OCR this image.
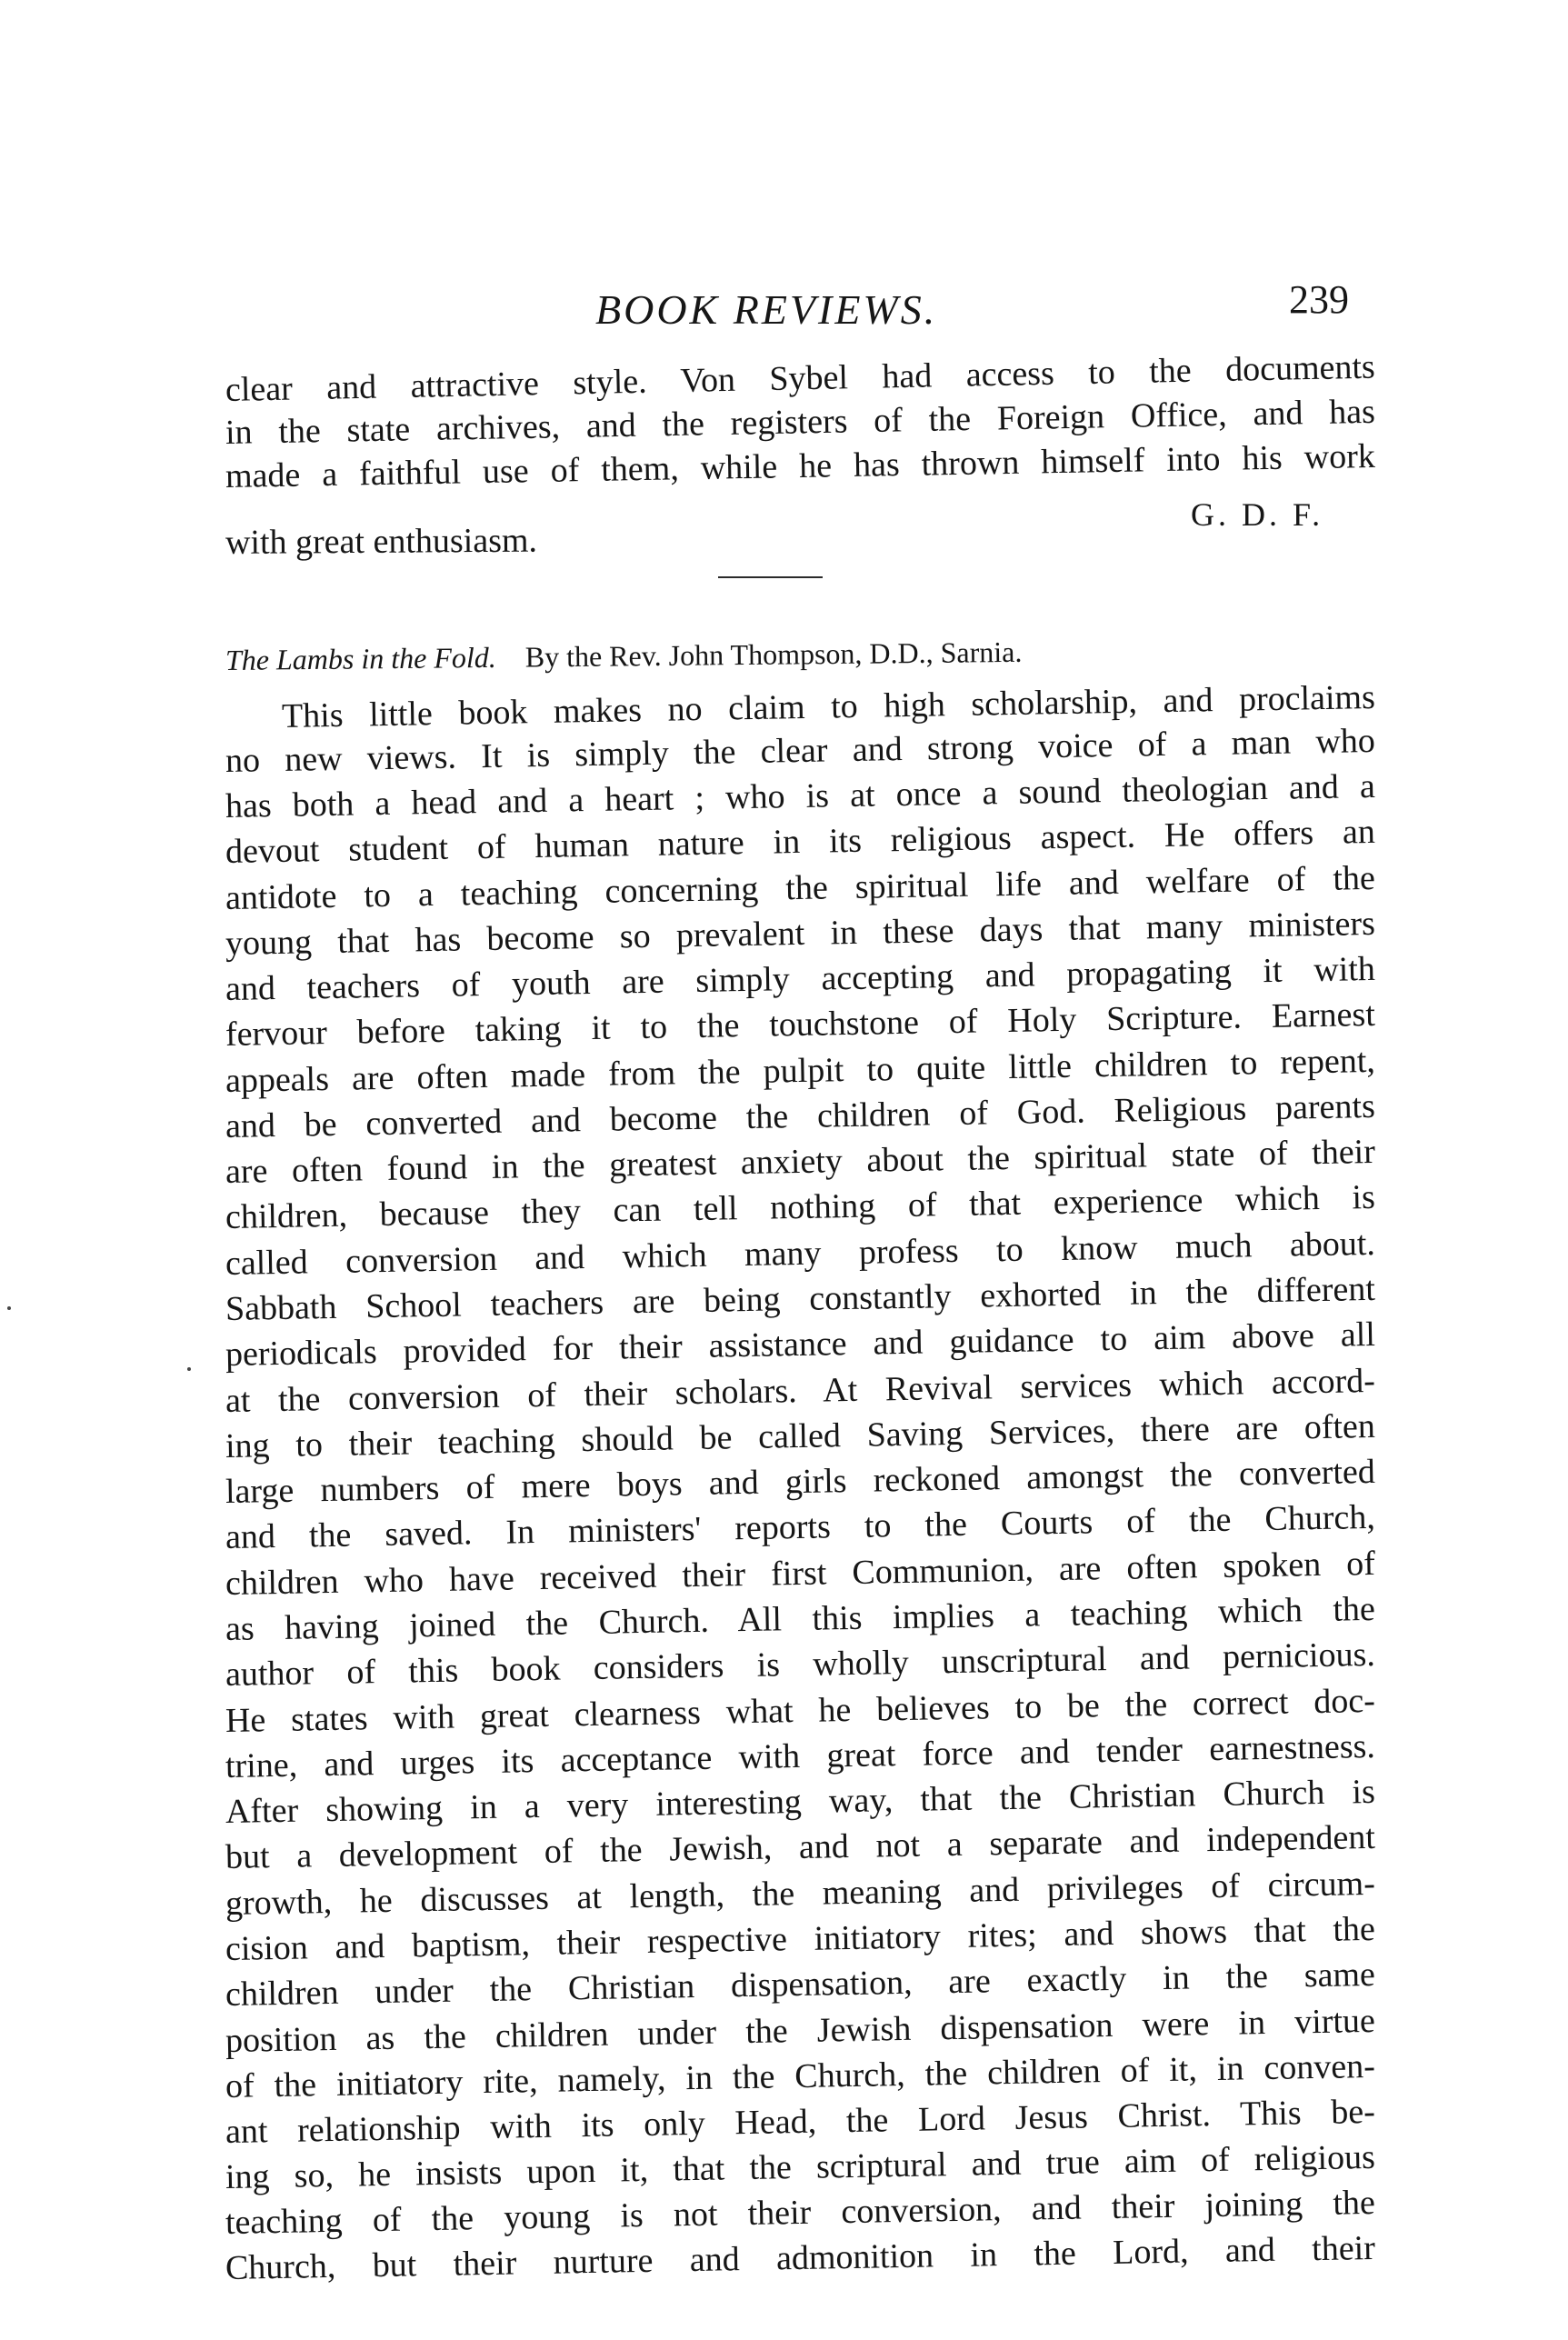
BOOK REVIEWS.	239
clear and attractive style. Von Sybel had access to the documents
in the state archives, and the registers of the Foreign Office, and has
made a faithful use of them, while he has thrown himself into his work
with great enthusiasm.
G. D. F.
The Lambs in the Fold. By the Rev. John Thompson, D.D., Sarnia.
This little book makes no claim to high scholarship, and proclaims
no new views. It is simply the clear and strong voice of a man who
has both a head and a heart ; who is at once a sound theologian and a
devout student of human nature in its religious aspect. He offers an
antidote to a teaching concerning the spiritual life and welfare of the
young that has become so prevalent in these days that many ministers
and teachers of youth are simply accepting and propagating it with
fervour before taking it to the touchstone of Holy Scripture. Earnest
appeals are often made from the pulpit to quite little children to repent,
and be converted and become the children of God. Religious parents
are often found in the greatest anxiety about the spiritual state of their
children, because they can tell nothing of that experience which is
called conversion and which many profess to know much about.
Sabbath School teachers are being constantly exhorted in the different
periodicals provided for their assistance and guidance to aim above all
at the conversion of their scholars. At Revival services which accord-
ing to their teaching should be called Saving Services, there are often
large numbers of mere boys and girls reckoned amongst the converted
and the saved. In ministers' reports to the Courts of the Church,
children who have received their first Communion, are often spoken of
as having joined the Church. All this implies a teaching which the
author of this book considers is wholly unscriptural and pernicious.
He states with great clearness what he believes to be the correct doc-
trine, and urges its acceptance with great force and tender earnestness.
After showing in a very interesting way, that the Christian Church is
but a development of the Jewish, and not a separate and independent
growth, he discusses at length, the meaning and privileges of circum-
cision and baptism, their respective initiatory rites; and shows that the
children under the Christian dispensation, are exactly in the same
position as the children under the Jewish dispensation were in virtue
of the initiatory rite, namely, in the Church, the children of it, in conven-
ant relationship with its only Head, the Lord Jesus Christ. This be-
ing so, he insists upon it, that the scriptural and true aim of religious
teaching of the young is not their conversion, and their joining the
Church, but their nurture and admonition in the Lord, and their
